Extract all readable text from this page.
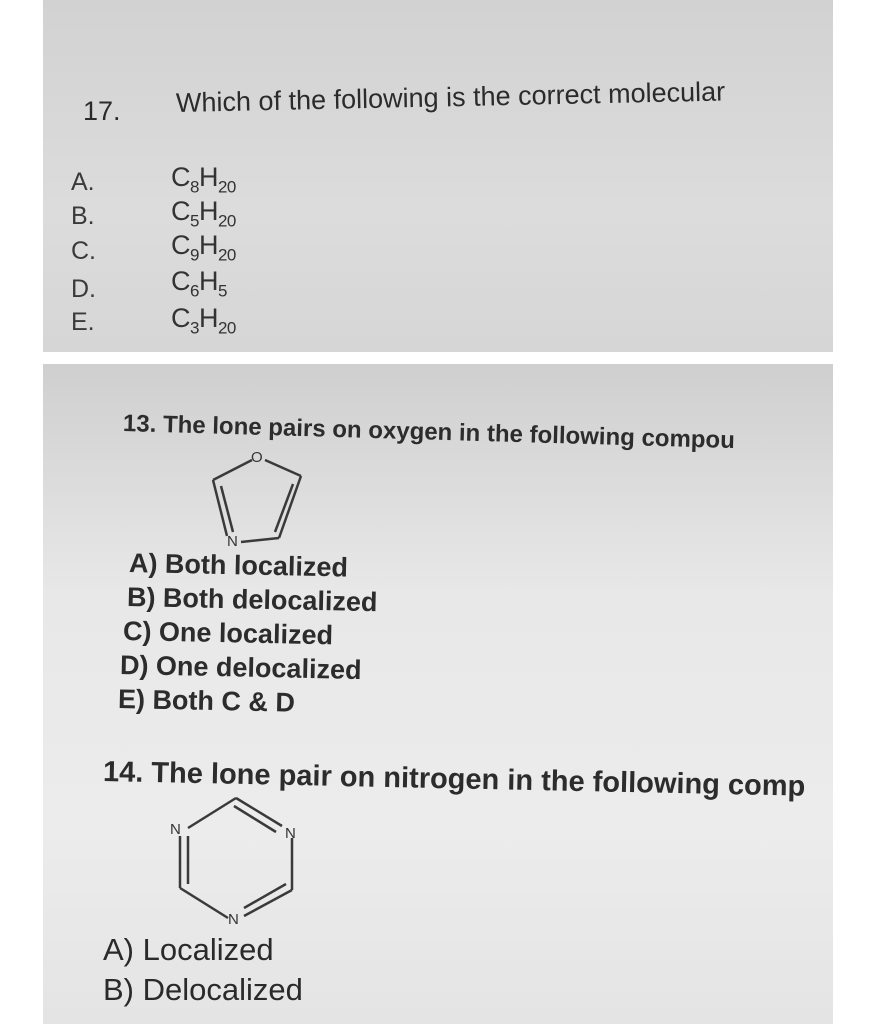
17. Which of the following is the correct molecular
A.	$C_8H_{20}$
B.	$C_5H_{20}$
C.	$C_9H_{20}$
D.	$C_6H_5$
E.	$C_3H_{20}$
13. The lone pairs on oxygen in the following compou
O
N
A) Both localized
B) Both delocalized
C) One localized
D) One delocalized
E) Both C & D
14. The lone pair on nitrogen in the following comp
N	N
N
A) Localized
B) Delocalized
